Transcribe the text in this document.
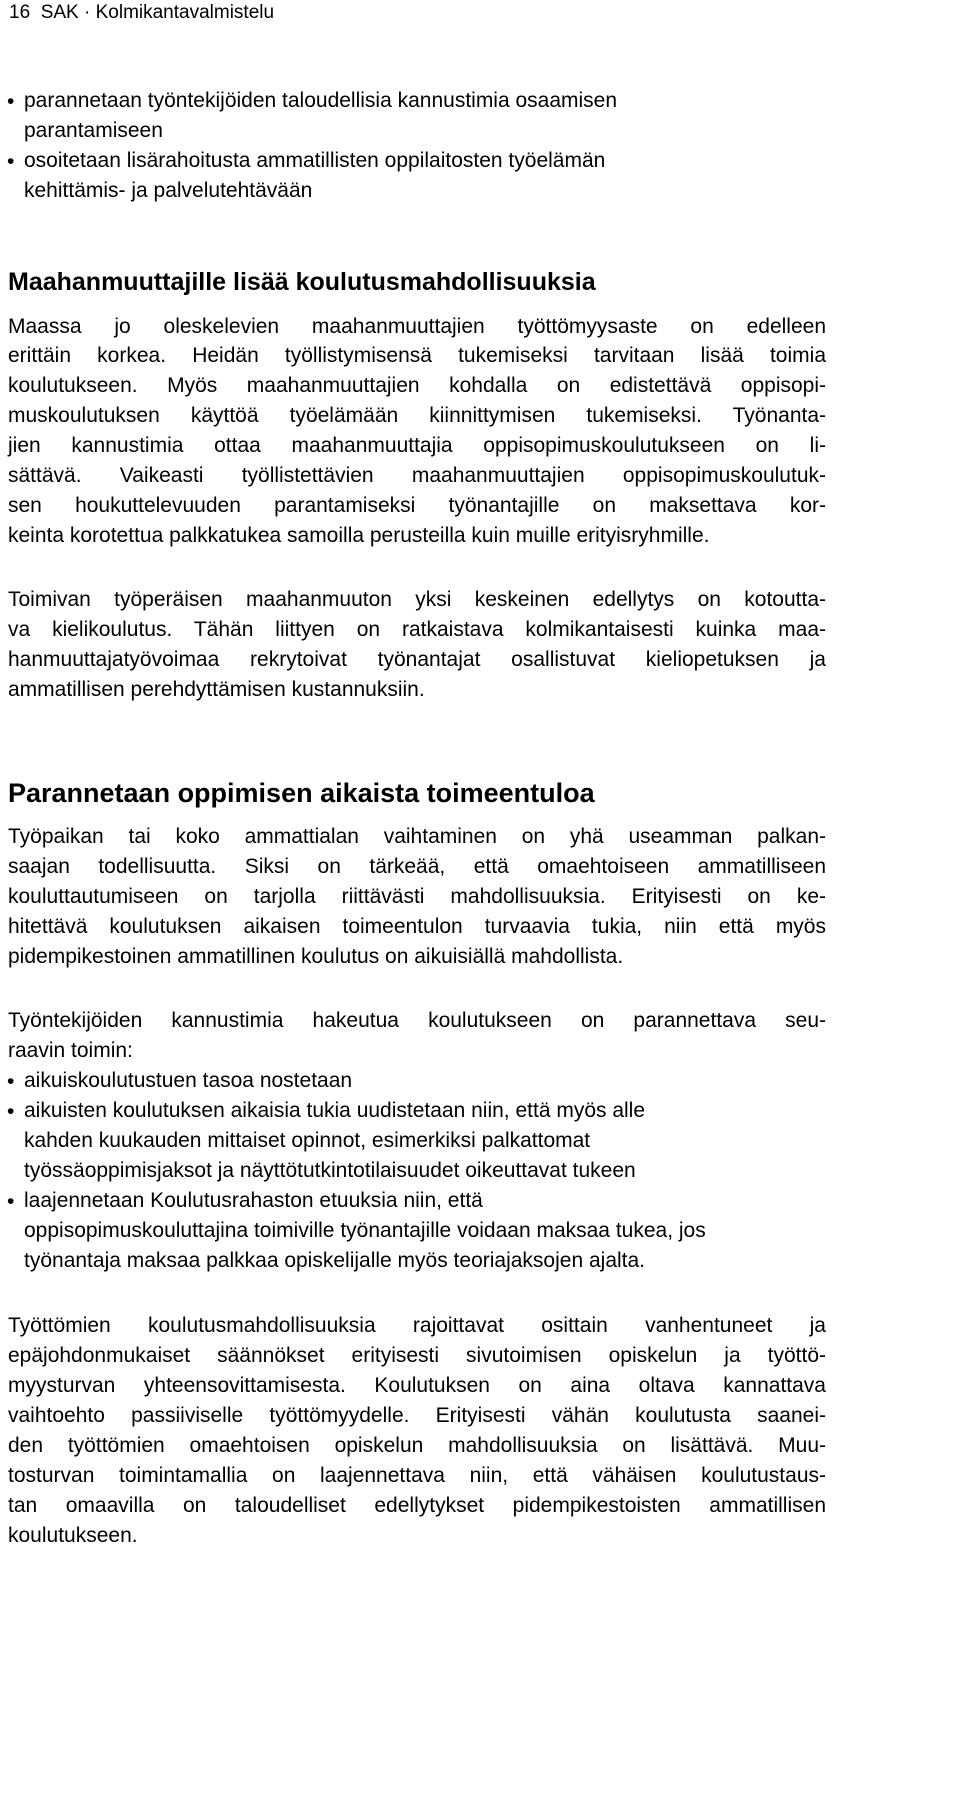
16  SAK · Kolmikantavalmistelu
•
parannetaan työntekijöiden taloudellisia kannustimia osaamisen
parantamiseen
•
osoitetaan lisärahoitusta ammatillisten oppilaitosten työelämän
kehittämis- ja palvelutehtävään
Maahanmuuttajille lisää koulutusmahdollisuuksia
Maassa jo oleskelevien maahanmuuttajien työttömyysaste on edelleen
erittäin korkea. Heidän työllistymisensä tukemiseksi tarvitaan lisää toimia
koulutukseen. Myös maahanmuuttajien kohdalla on edistettävä oppisopi-
muskoulutuksen käyttöä työelämään kiinnittymisen tukemiseksi. Työnanta-
jien kannustimia ottaa maahanmuuttajia oppisopimuskoulutukseen on li-
sättävä. Vaikeasti työllistettävien maahanmuuttajien oppisopimuskoulutuk-
sen houkuttelevuuden parantamiseksi työnantajille on maksettava kor-
keinta korotettua palkkatukea samoilla perusteilla kuin muille erityisryhmille.
Toimivan työperäisen maahanmuuton yksi keskeinen edellytys on kotoutta-
va kielikoulutus. Tähän liittyen on ratkaistava kolmikantaisesti kuinka maa-
hanmuuttajatyövoimaa rekrytoivat työnantajat osallistuvat kieliopetuksen ja
ammatillisen perehdyttämisen kustannuksiin.
Parannetaan oppimisen aikaista toimeentuloa
Työpaikan tai koko ammattialan vaihtaminen on yhä useamman palkan-
saajan todellisuutta. Siksi on tärkeää, että omaehtoiseen ammatilliseen
kouluttautumiseen on tarjolla riittävästi mahdollisuuksia. Erityisesti on ke-
hitettävä koulutuksen aikaisen toimeentulon turvaavia tukia, niin että myös
pidempikestoinen ammatillinen koulutus on aikuisiällä mahdollista.
Työntekijöiden kannustimia hakeutua koulutukseen on parannettava seu-
raavin toimin:
•
aikuiskoulutustuen tasoa nostetaan
•
aikuisten koulutuksen aikaisia tukia uudistetaan niin, että myös alle
kahden kuukauden mittaiset opinnot, esimerkiksi palkattomat
työssäoppimisjaksot ja näyttötutkintotilaisuudet oikeuttavat tukeen
•
laajennetaan Koulutusrahaston etuuksia niin, että
oppisopimuskouluttajina toimiville työnantajille voidaan maksaa tukea, jos
työnantaja maksaa palkkaa opiskelijalle myös teoriajaksojen ajalta.
Työttömien koulutusmahdollisuuksia rajoittavat osittain vanhentuneet ja
epäjohdonmukaiset säännökset erityisesti sivutoimisen opiskelun ja työttö-
myysturvan yhteensovittamisesta. Koulutuksen on aina oltava kannattava
vaihtoehto passiiviselle työttömyydelle. Erityisesti vähän koulutusta saanei-
den työttömien omaehtoisen opiskelun mahdollisuuksia on lisättävä. Muu-
tosturvan toimintamallia on laajennettava niin, että vähäisen koulutustaus-
tan omaavilla on taloudelliset edellytykset pidempikestoisten ammatillisen
koulutukseen.
